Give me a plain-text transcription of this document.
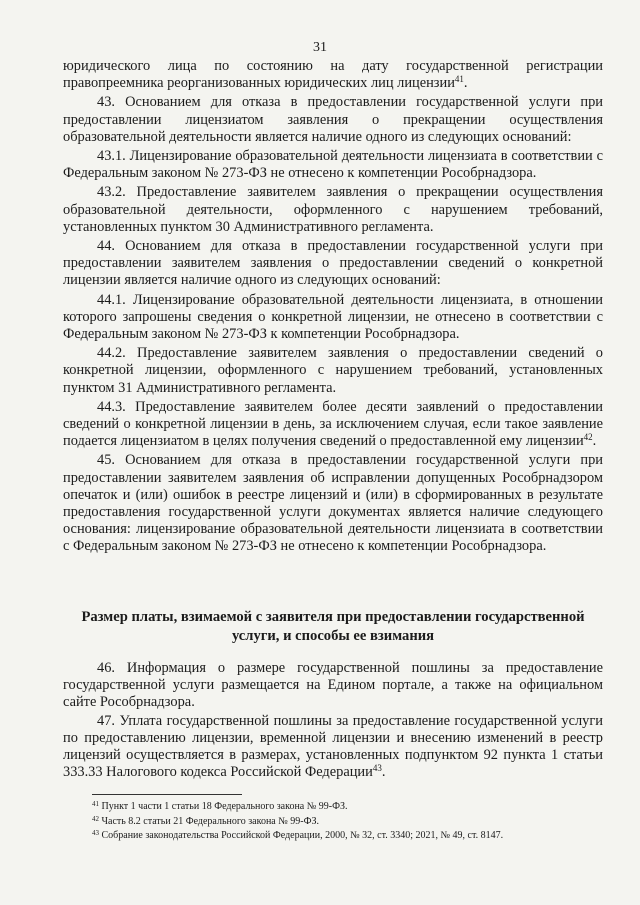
31

юридического лица по состоянию на дату государственной регистрации правопреемника реорганизованных юридических лиц лицензии$^{41}$.

43. Основанием для отказа в предоставлении государственной услуги при предоставлении лицензиатом заявления о прекращении осуществления образовательной деятельности является наличие одного из следующих оснований:

43.1. Лицензирование образовательной деятельности лицензиата в соответствии с Федеральным законом № 273-ФЗ не отнесено к компетенции Рособрнадзора.

43.2. Предоставление заявителем заявления о прекращении осуществления образовательной деятельности, оформленного с нарушением требований, установленных пунктом 30 Административного регламента.

44. Основанием для отказа в предоставлении государственной услуги при предоставлении заявителем заявления о предоставлении сведений о конкретной лицензии является наличие одного из следующих оснований:

44.1. Лицензирование образовательной деятельности лицензиата, в отношении которого запрошены сведения о конкретной лицензии, не отнесено в соответствии с Федеральным законом № 273-ФЗ к компетенции Рособрнадзора.

44.2. Предоставление заявителем заявления о предоставлении сведений о конкретной лицензии, оформленного с нарушением требований, установленных пунктом 31 Административного регламента.

44.3. Предоставление заявителем более десяти заявлений о предоставлении сведений о конкретной лицензии в день, за исключением случая, если такое заявление подается лицензиатом в целях получения сведений о предоставленной ему лицензии$^{42}$.

45. Основанием для отказа в предоставлении государственной услуги при предоставлении заявителем заявления об исправлении допущенных Рособрнадзором опечаток и (или) ошибок в реестре лицензий и (или) в сформированных в результате предоставления государственной услуги документах является наличие следующего основания: лицензирование образовательной деятельности лицензиата в соответствии с Федеральным законом № 273-ФЗ не отнесено к компетенции Рособрнадзора.

Размер платы, взимаемой с заявителя при предоставлении государственной услуги, и способы ее взимания

46. Информация о размере государственной пошлины за предоставление государственной услуги размещается на Едином портале, а также на официальном сайте Рособрнадзора.

47. Уплата государственной пошлины за предоставление государственной услуги по предоставлению лицензии, временной лицензии и внесению изменений в реестр лицензий осуществляется в размерах, установленных подпунктом 92 пункта 1 статьи 333.33 Налогового кодекса Российской Федерации$^{43}$.

$^{41}$ Пункт 1 части 1 статьи 18 Федерального закона № 99-ФЗ.
$^{42}$ Часть 8.2 статьи 21 Федерального закона № 99-ФЗ.
$^{43}$ Собрание законодательства Российской Федерации, 2000, № 32, ст. 3340; 2021, № 49, ст. 8147.
